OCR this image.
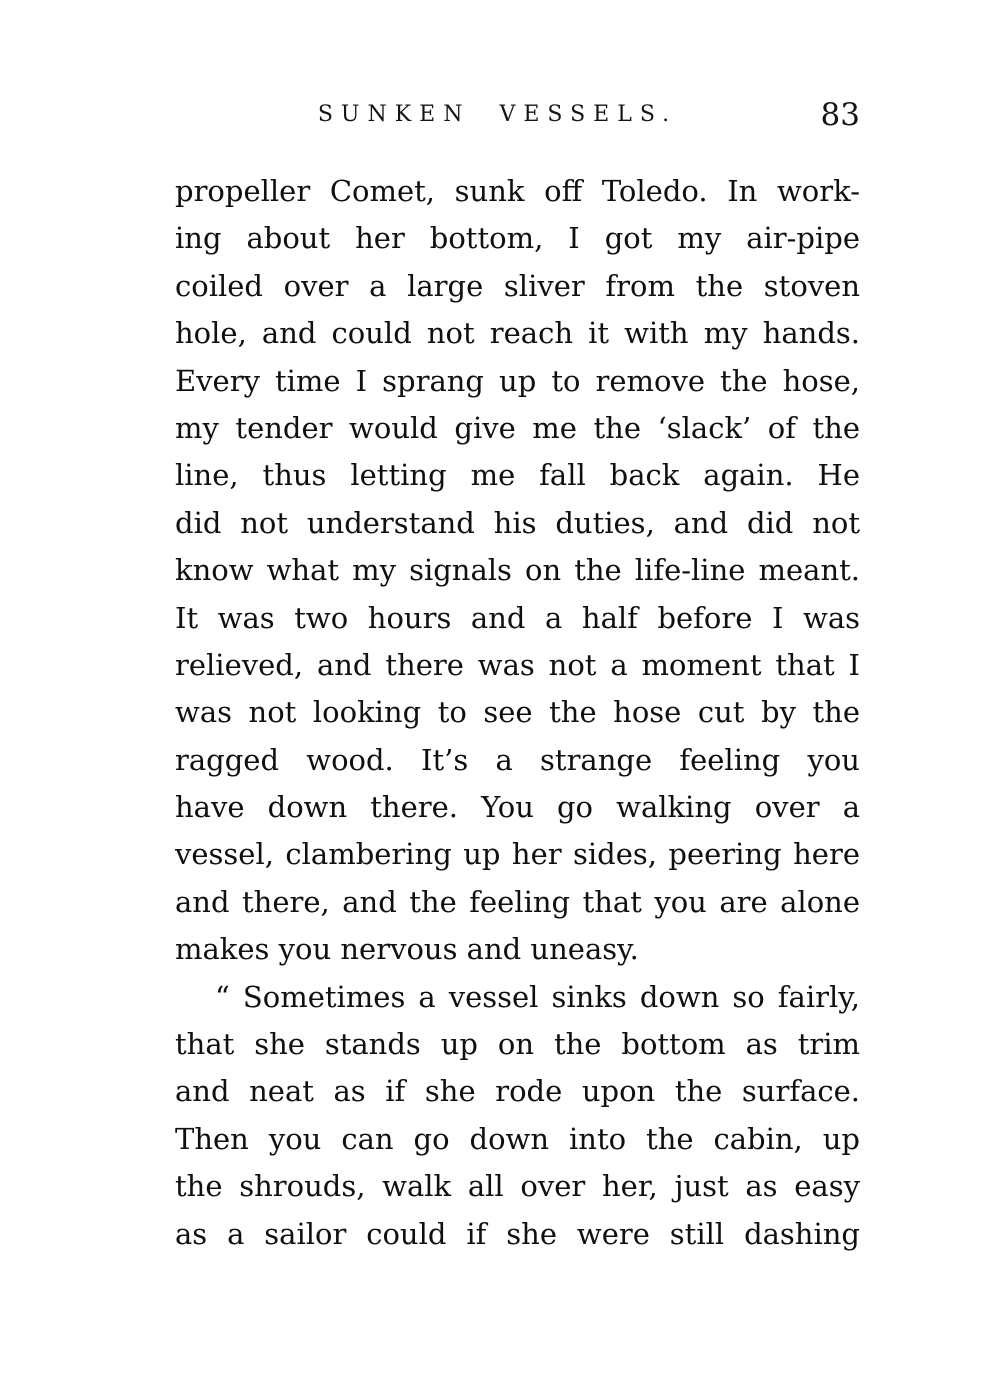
SUNKEN VESSELS.	83
propeller Comet, sunk off Toledo. In work-
ing about her bottom, I got my air-pipe
coiled over a large sliver from the stoven
hole, and could not reach it with my hands.
Every time I sprang up to remove the hose,
my tender would give me the ‘slack’ of the
line, thus letting me fall back again. He
did not understand his duties, and did not
know what my signals on the life-line meant.
It was two hours and a half before I was
relieved, and there was not a moment that I
was not looking to see the hose cut by the
ragged wood. It’s a strange feeling you
have down there. You go walking over a
vessel, clambering up her sides, peering here
and there, and the feeling that you are alone
makes you nervous and uneasy.
“ Sometimes a vessel sinks down so fairly,
that she stands up on the bottom as trim
and neat as if she rode upon the surface.
Then you can go down into the cabin, up
the shrouds, walk all over her, just as easy
as a sailor could if she were still dashing
